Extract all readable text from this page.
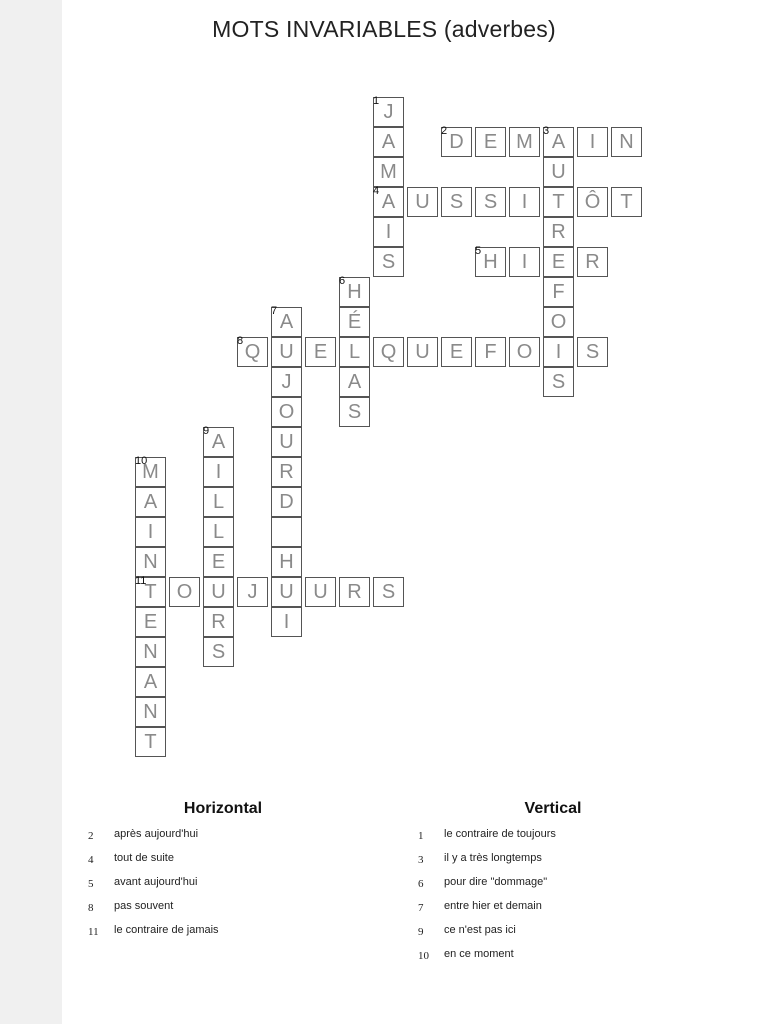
MOTS INVARIABLES (adverbes)
J
1
A
M
A
4
I
S
D
2	E M A
3	I	N
U
T
R
E
F
O
I
S
U	S	S	I	Ô	T
H
5	I	R
H
6
É
L
A
S
A
7
U
J
O
U
R
D
H
U
I
Q
8	E	Q U	E	F	O	S
A
9
I
L
L
E
U
R
S
M
10
A
I
N
T
11
E
N
A
N
T
O	J	U R	S
Horizontal
2	après aujourd'hui
4	tout de suite
5	avant aujourd'hui
8	pas souvent
11	le contraire de jamais
Vertical
1	le contraire de toujours
3	il y a très longtemps
6	pour dire "dommage"
7	entre hier et demain
9	ce n'est pas ici
10	en ce moment
